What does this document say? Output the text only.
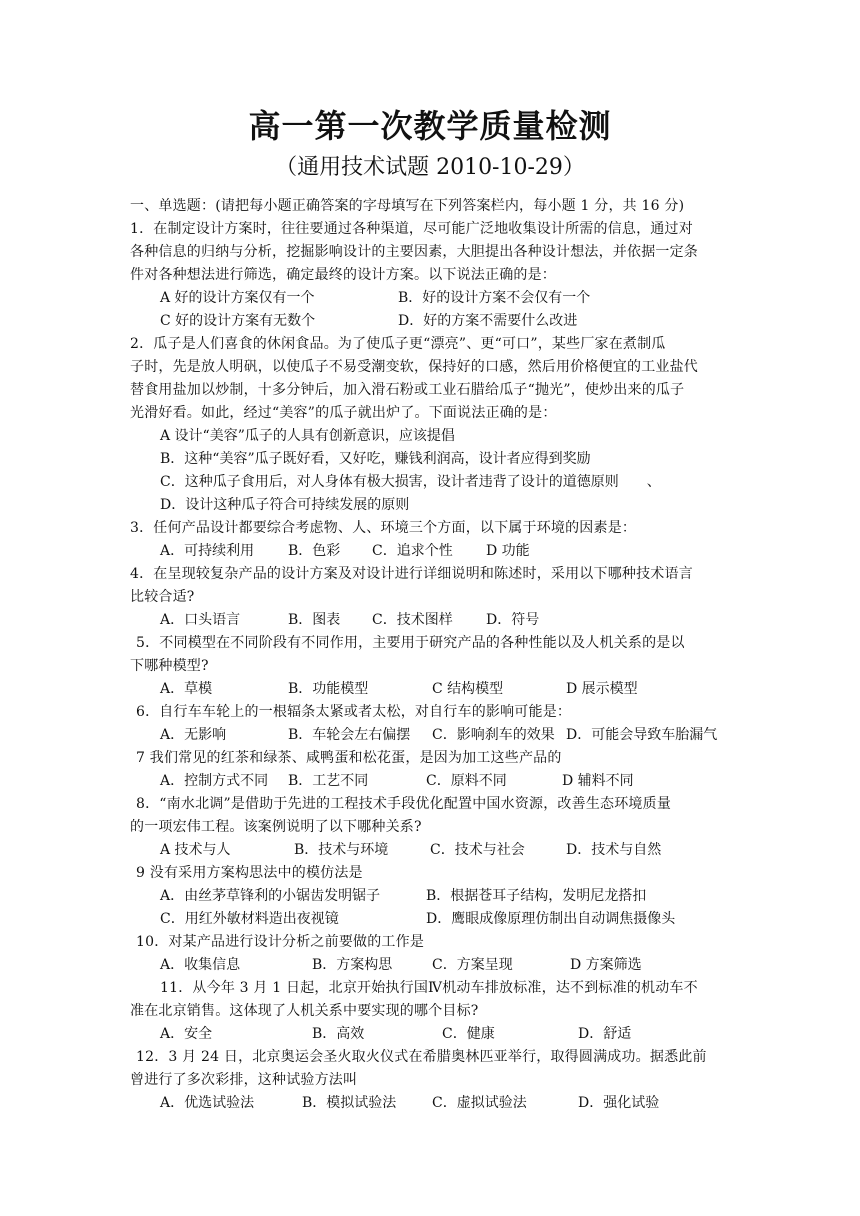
高一第一次教学质量检测
（通用技术试题 2010-10-29）
一、单选题：(请把每小题正确答案的字母填写在下列答案栏内，每小题 1 分，共 16 分)
1．在制定设计方案时，往往要通过各种渠道，尽可能广泛地收集设计所需的信息，通过对
各种信息的归纳与分析，挖掘影响设计的主要因素，大胆提出各种设计想法，并依据一定条
件对各种想法进行筛选，确定最终的设计方案。以下说法正确的是：
A 好的设计方案仅有一个	B．好的设计方案不会仅有一个
C 好的设计方案有无数个	D．好的方案不需要什么改进
2．瓜子是人们喜食的休闲食品。为了使瓜子更“漂亮”、更“可口”，某些厂家在煮制瓜
子时，先是放人明矾，以使瓜子不易受潮变软，保持好的口感，然后用价格便宜的工业盐代
替食用盐加以炒制，十多分钟后，加入滑石粉或工业石腊给瓜子“抛光”，使炒出来的瓜子
光滑好看。如此，经过“美容”的瓜子就出炉了。下面说法正确的是：
A 设计“美容”瓜子的人具有创新意识，应该提倡
B．这种“美容”瓜子既好看，又好吃，赚钱利润高，设计者应得到奖励
C．这种瓜子食用后，对人身体有极大损害，设计者违背了设计的道德原则　　、
D．设计这种瓜子符合可持续发展的原则
3．任何产品设计都要综合考虑物、人、环境三个方面，以下属于环境的因素是：
A．可持续利用 B．色彩 C．追求个性 D 功能
4．在呈现较复杂产品的设计方案及对设计进行详细说明和陈述时，采用以下哪种技术语言
比较合适?
A．口头语言	B．图表 C．技术图样 D．符号
5．不同模型在不同阶段有不同作用，主要用于研究产品的各种性能以及人机关系的是以
下哪种模型?
A．草模	B．功能模型	C 结构模型	D 展示模型
6．自行车车轮上的一根辐条太紧或者太松，对自行车的影响可能是：
A．无影响	B．车轮会左右偏摆 C．影响刹车的效果 D．可能会导致车胎漏气
7 我们常见的红茶和绿茶、咸鸭蛋和松花蛋，是因为加工这些产品的
A．控制方式不同 B．工艺不同	C．原料不同	D 辅料不同
8．“南水北调”是借助于先进的工程技术手段优化配置中国水资源，改善生态环境质量
的一项宏伟工程。该案例说明了以下哪种关系?
A 技术与人	B．技术与环境	C．技术与社会	D．技术与自然
9 没有采用方案构思法中的模仿法是
A．由丝茅草锋利的小锯齿发明锯子	B．根据苍耳子结构，发明尼龙搭扣
C．用红外敏材料造出夜视镜	D．鹰眼成像原理仿制出自动调焦摄像头
10．对某产品进行设计分析之前要做的工作是
A．收集信息	B．方案构思	C．方案呈现	D 方案筛选
11．从今年 3 月 1 日起，北京开始执行国Ⅳ机动车排放标准，达不到标准的机动车不
准在北京销售。这体现了人机关系中要实现的哪个目标?
A．安全	B．高效	C．健康	D．舒适
12．3 月 24 日，北京奥运会圣火取火仪式在希腊奥林匹亚举行，取得圆满成功。据悉此前
曾进行了多次彩排，这种试验方法叫
A．优选试验法	B．模拟试验法	C．虚拟试验法	D．强化试验
